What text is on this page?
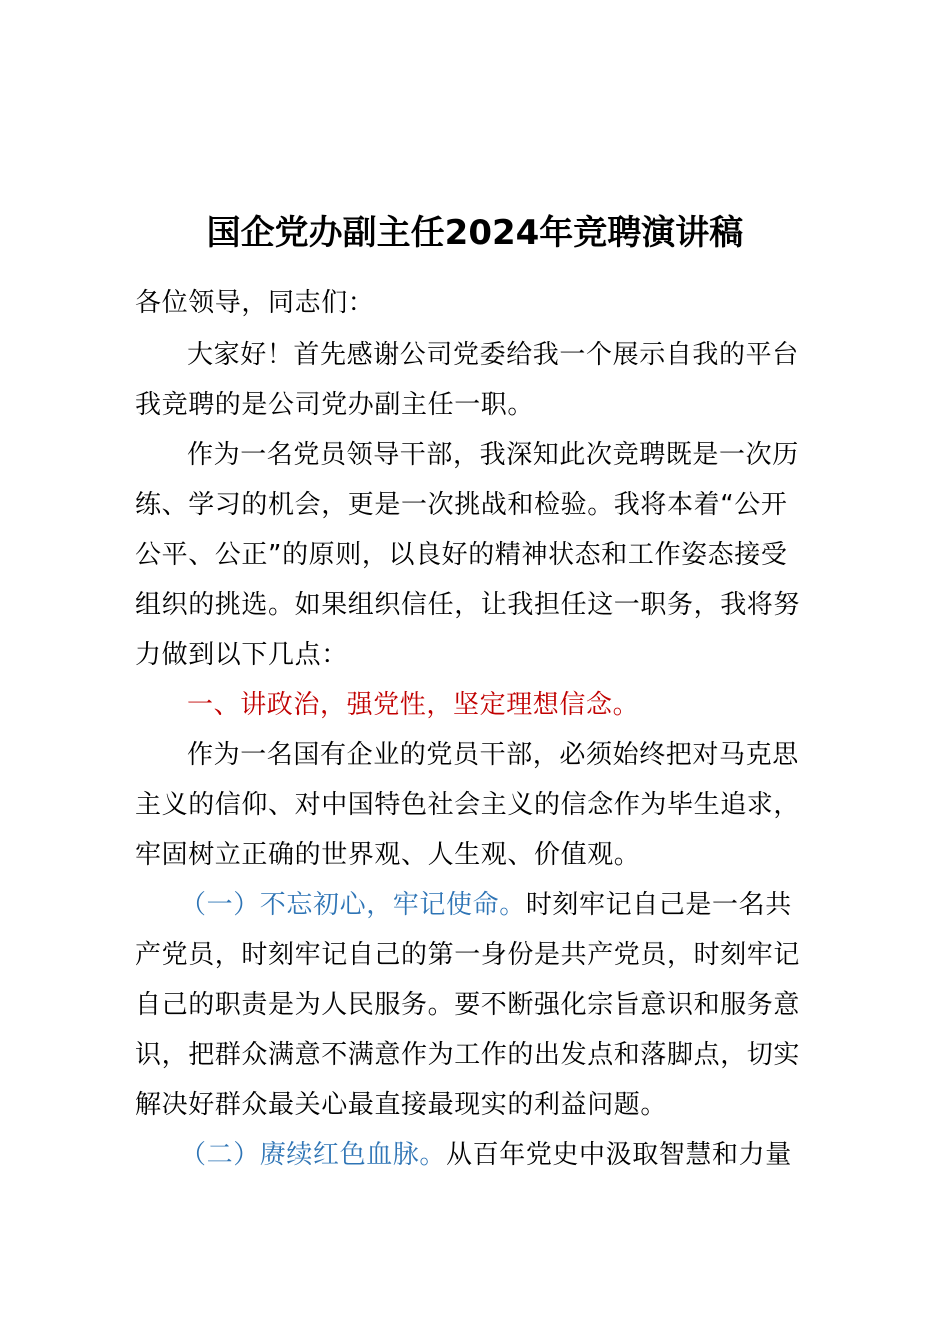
国企党办副主任2024年竞聘演讲稿
各位领导，同志们：
大家好！首先感谢公司党委给我一个展示自我的平台
我竞聘的是公司党办副主任一职。
作为一名党员领导干部，我深知此次竞聘既是一次历
练、学习的机会，更是一次挑战和检验。我将本着“公开
公平、公正”的原则，以良好的精神状态和工作姿态接受
组织的挑选。如果组织信任，让我担任这一职务，我将努
力做到以下几点：
一、讲政治，强党性，坚定理想信念。
作为一名国有企业的党员干部，必须始终把对马克思
主义的信仰、对中国特色社会主义的信念作为毕生追求，
牢固树立正确的世界观、人生观、价值观。
（一）不忘初心，牢记使命。时刻牢记自己是一名共
产党员，时刻牢记自己的第一身份是共产党员，时刻牢记
自己的职责是为人民服务。要不断强化宗旨意识和服务意
识，把群众满意不满意作为工作的出发点和落脚点，切实
解决好群众最关心最直接最现实的利益问题。
（二）赓续红色血脉。从百年党史中汲取智慧和力量
